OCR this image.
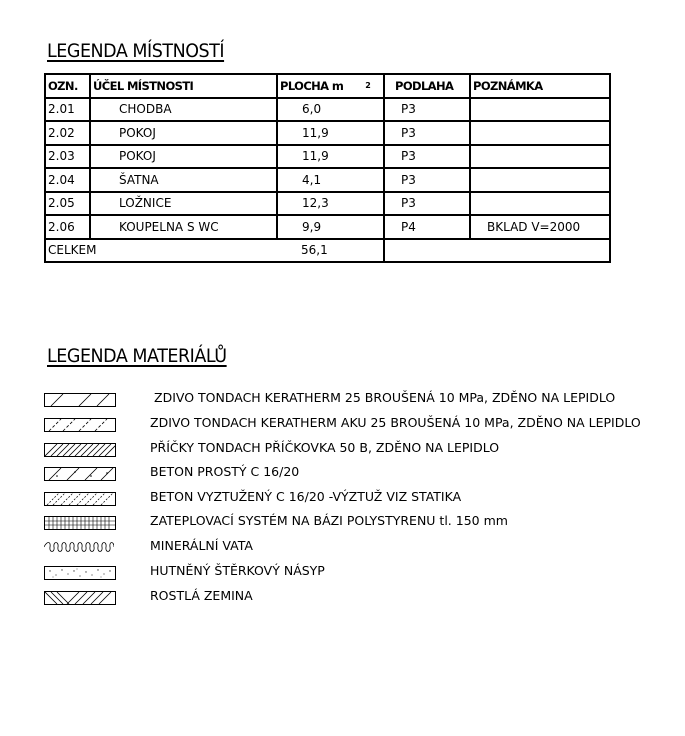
LEGENDA MÍSTNOSTÍ
OZN.	ÚČEL MÍSTNOSTI	PLOCHA m $^2$	PODLAHA	POZNÁMKA
2.01	CHODBA	6,0	P3	
2.02	POKOJ	11,9	P3	
2.03	POKOJ	11,9	P3	
2.04	ŠATNA	4,1	P3	
2.05	LOŽNICE	12,3	P3	
2.06	KOUPELNA S WC	9,9	P4	BKLAD V=2000
CELKEM		56,1		
LEGENDA MATERIÁLŮ
ZDIVO TONDACH KERATHERM 25 BROUŠENÁ 10 MPa, ZDĚNO NA LEPIDLO
ZDIVO TONDACH KERATHERM AKU 25 BROUŠENÁ 10 MPa, ZDĚNO NA LEPIDLO
PŘÍČKY TONDACH PŘÍČKOVKA 50 B, ZDĚNO NA LEPIDLO
BETON PROSTÝ C 16/20
BETON VYZTUŽENÝ C 16/20 -VÝZTUŽ VIZ STATIKA
ZATEPLOVACÍ SYSTÉM NA BÁZI POLYSTYRENU tl. 150 mm
MINERÁLNÍ VATA
HUTNĚNÝ ŠTĚRKOVÝ NÁSYP
ROSTLÁ ZEMINA
